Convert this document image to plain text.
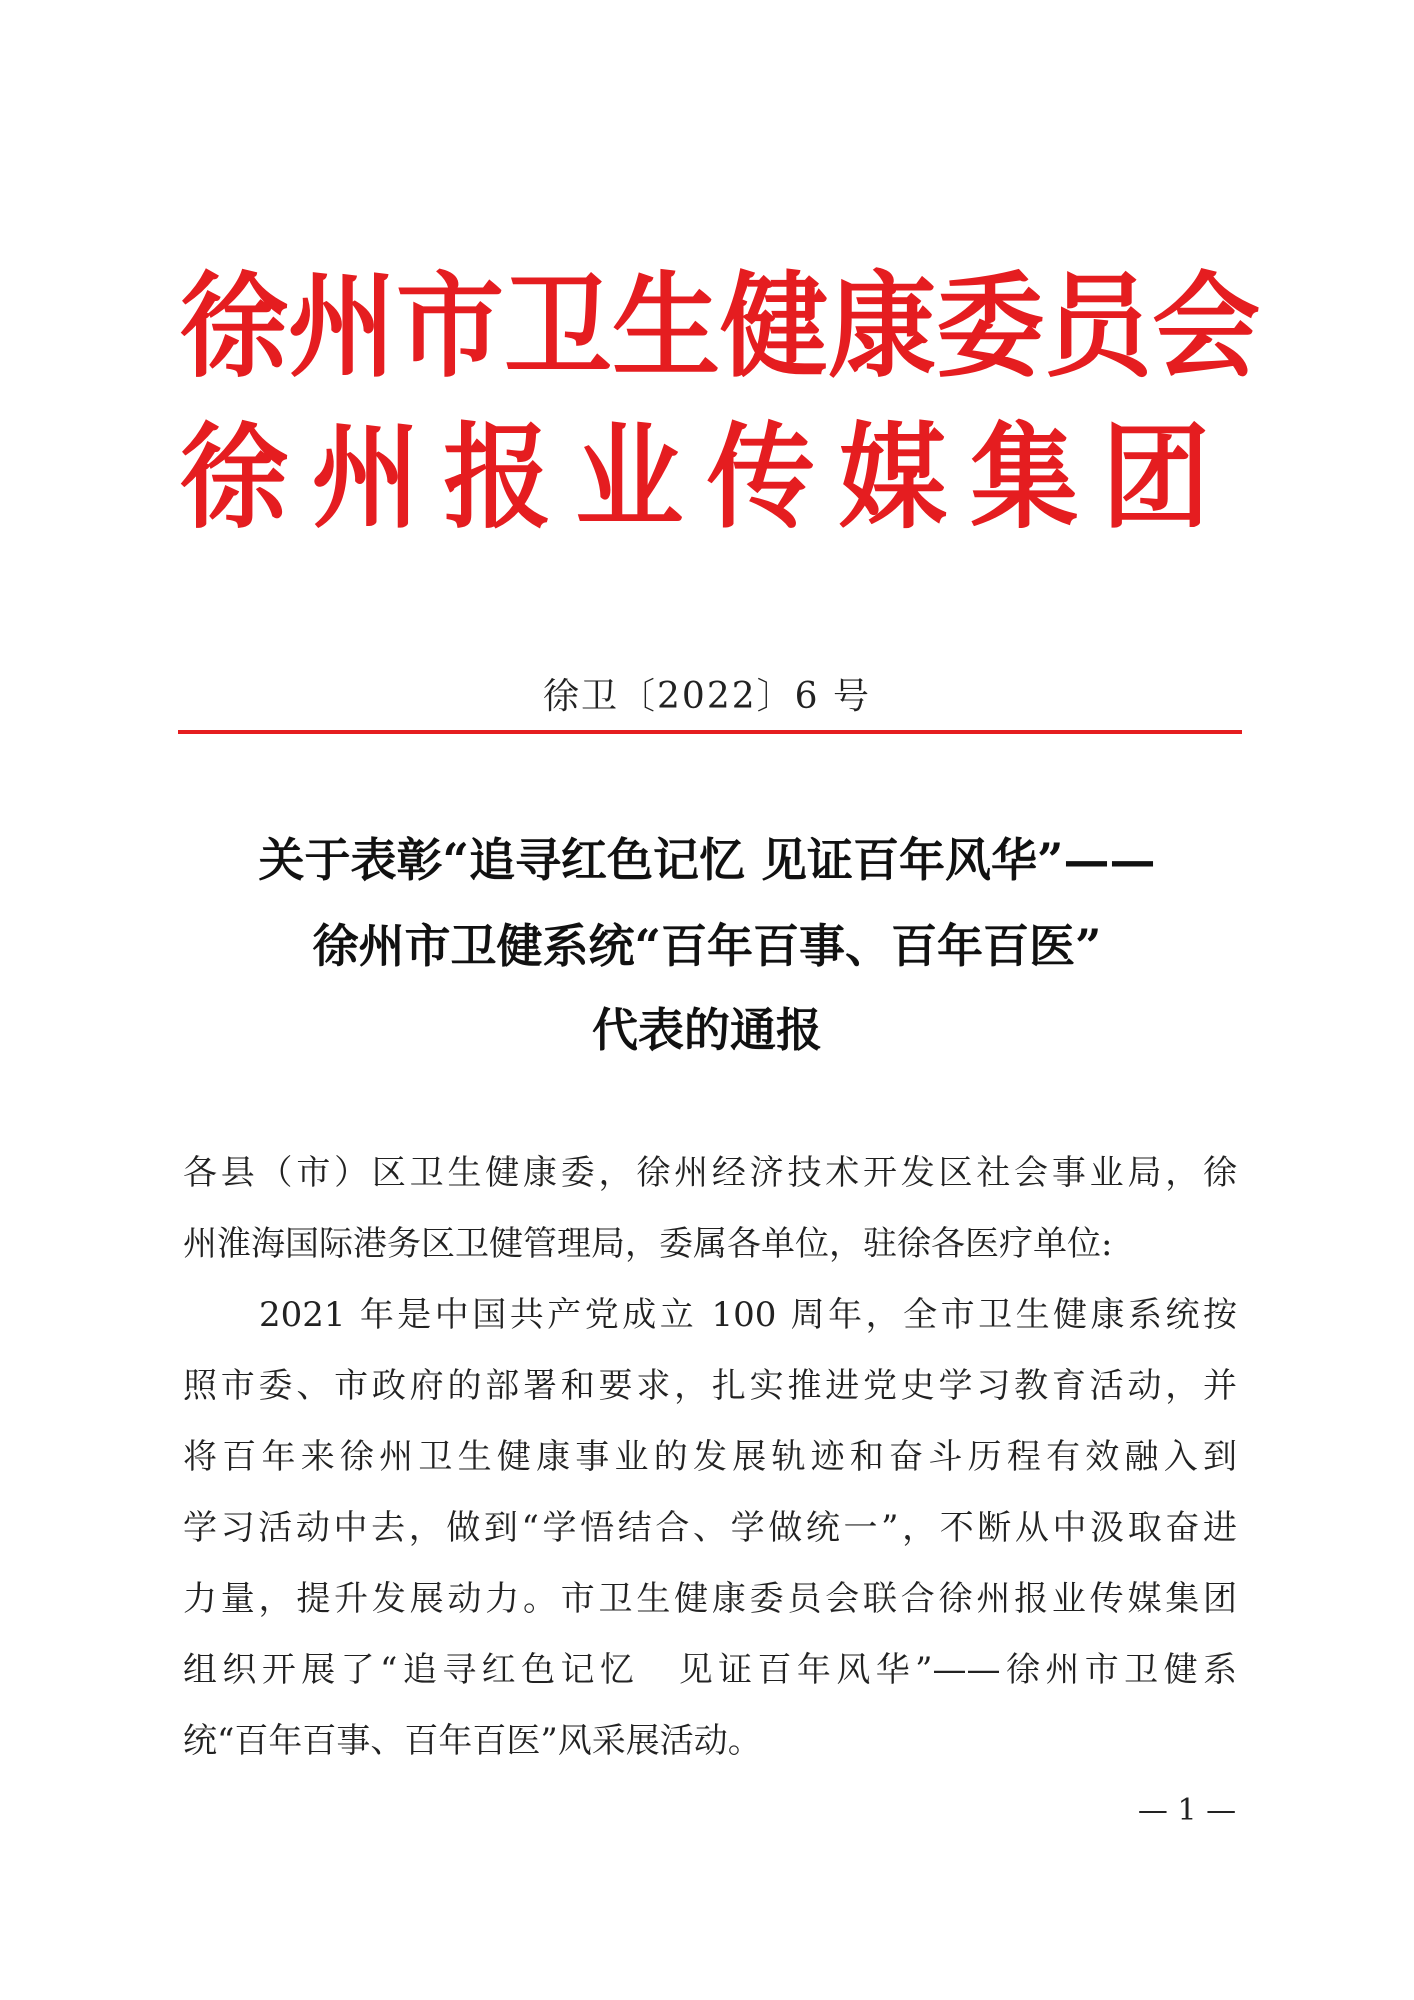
徐 州 市 卫 生 健 康 委 员 会
徐 州 报 业 传 媒 集 团
徐卫〔2022〕6 号
关于表彰“追寻红色记忆 见证百年风华”——
徐州市卫健系统“百年百事、百年百医”
代表的通报
各县（市）区卫生健康委，徐州经济技术开发区社会事业局，徐
州淮海国际港务区卫健管理局，委属各单位，驻徐各医疗单位:
2021 年是中国共产党成立 100 周年，全市卫生健康系统按
照市委、市政府的部署和要求，扎实推进党史学习教育活动，并
将百年来徐州卫生健康事业的发展轨迹和奋斗历程有效融入到
学习活动中去，做到“学悟结合、学做统一”，不断从中汲取奋进
力量，提升发展动力。市卫生健康委员会联合徐州报业传媒集团
组织开展了“追寻红色记忆　见证百年风华”——徐州市卫健系
统“百年百事、百年百医”风采展活动。
— 1 —
